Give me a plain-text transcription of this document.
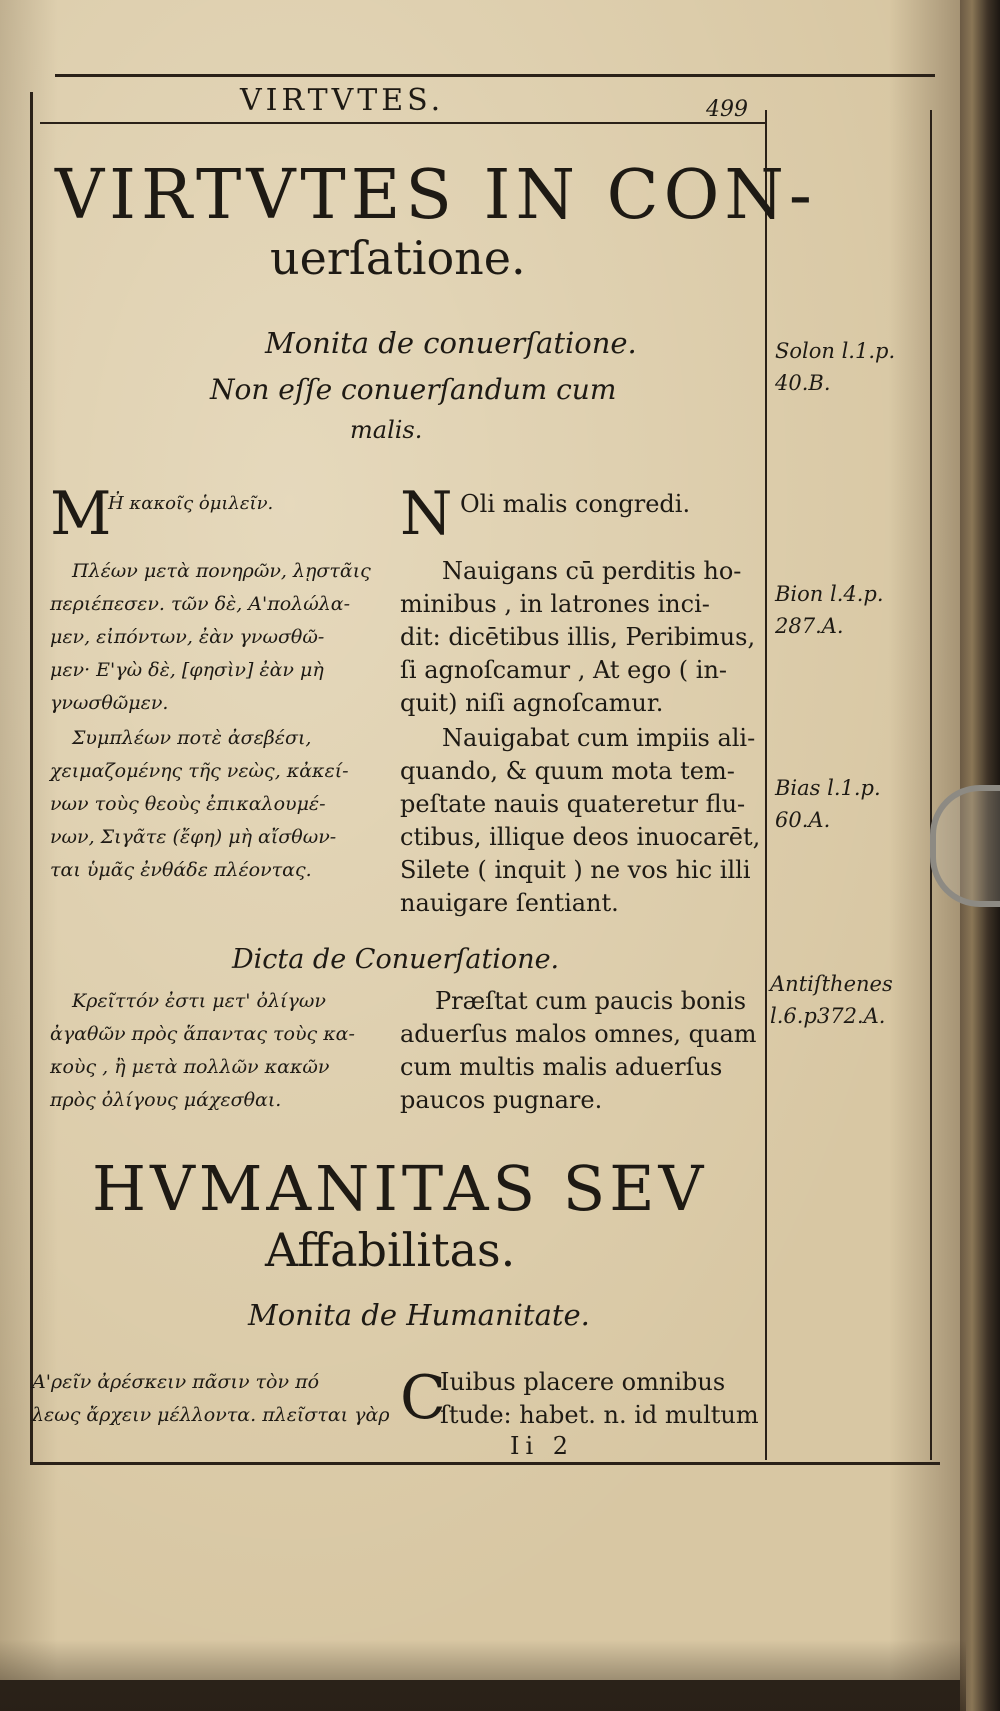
VIRTVTES.	499
VIRTVTES IN CON-
uerſatione.
Monita de conuerſatione.
Non eſſe conuerſandum cum
malis.
M
H̓ κακοῖς ὁμιλεῖν.
Πλέων μετὰ πονηρῶν, λῃστᾶις
περιέπεσεν. τῶν δὲ, Α'πολώλα-
μεν, εἰπόντων, ἐὰν γνωσθῶ-
μεν· Ε'γὼ δὲ, [φησὶν] ἐὰν μὴ
γνωσθῶμεν.
Συμπλέων ποτὲ ἀσεβέσι,
χειμαζομένης τῆς νεὼς, κἀκεί-
νων τοὺς θεοὺς ἐπικαλουμέ-
νων, Σιγᾶτε (ἔφη) μὴ αἴσθων-
ται ὑμᾶς ἐνθάδε πλέοντας.
N Oli malis congredi.
Nauigans cū perditis ho-
minibus , in latrones inci-
dit: dicētibus illis, Peribimus,
ſi agnoſcamur , At ego ( in-
quit) niſi agnoſcamur.
Nauigabat cum impiis ali-
quando, & quum mota tem-
peſtate nauis quateretur flu-
ctibus, illique deos inuocarēt,
Silete ( inquit ) ne vos hic illi
nauigare ſentiant.
Dicta de Conuerſatione.
Κρεῖττόν ἐστι μετ' ὀλίγων
ἀγαθῶν πρὸς ἅπαντας τοὺς κα-
κοὺς , ἢ μετὰ πολλῶν κακῶν
πρὸς ὀλίγους μάχεσθαι.
Præſtat cum paucis bonis
aduerſus malos omnes, quam
cum multis malis aduerſus
paucos pugnare.
HVMANITAS SEV
Affabilitas.
Monita de Humanitate.
Α'ρεῖν ἀρέσκειν πᾶσιν τὸν πό
λεως ἄρχειν μέλλοντα. πλεῖσται γὰρ C
Iuibus placere omnibus
ſtude: habet. n. id multum
Ii 2
Solon l.1.p.
40.B.
Bion l.4.p.
287.A.
Bias l.1.p.
60.A.
Antiſthenes
l.6.p372.A.
